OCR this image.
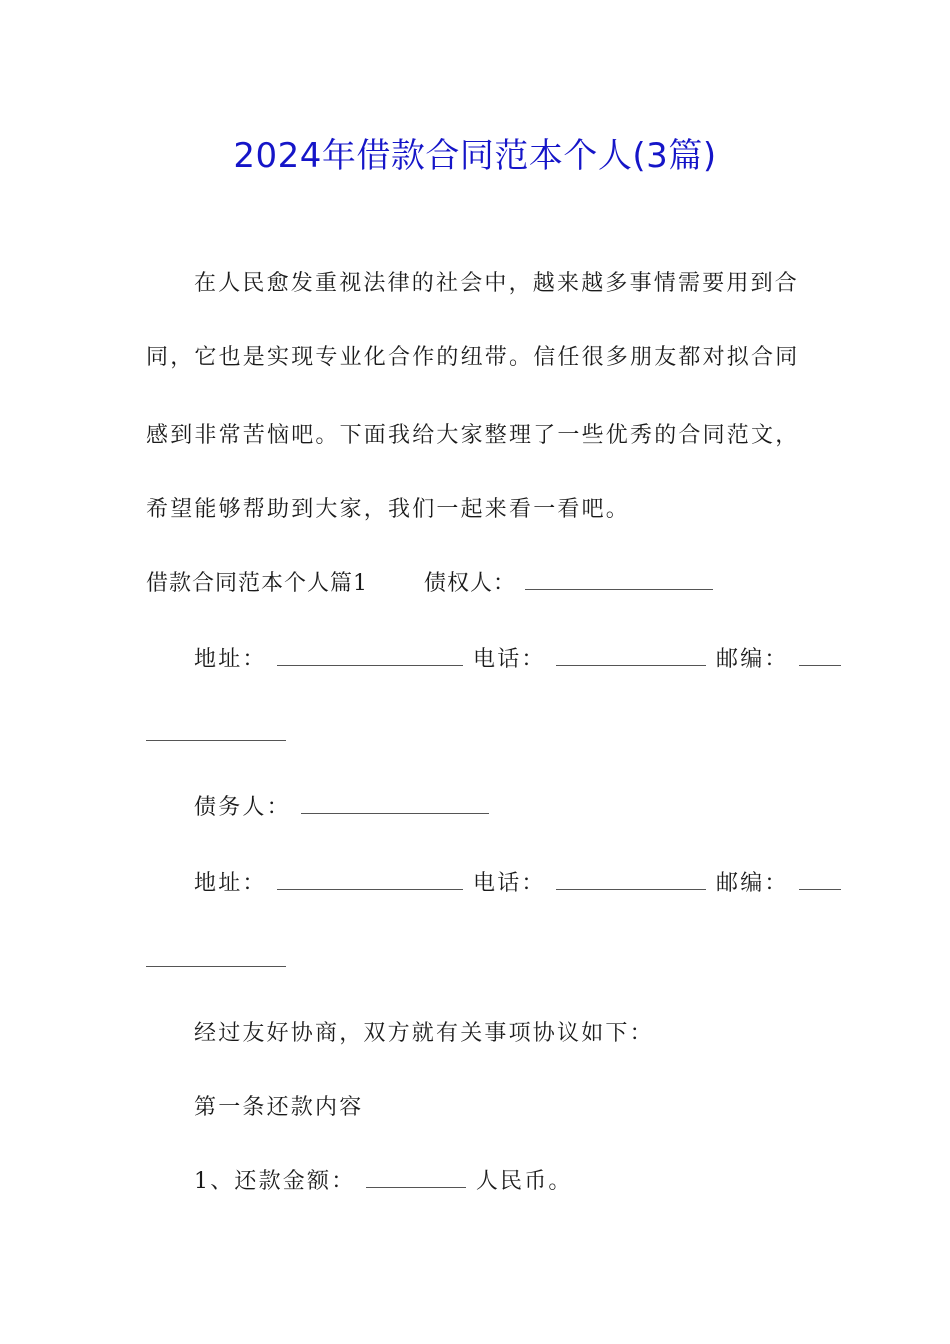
2024年借款合同范本个人(3篇)
在人民愈发重视法律的社会中，越来越多事情需要用到合
同，它也是实现专业化合作的纽带。信任很多朋友都对拟合同
感到非常苦恼吧。下面我给大家整理了一些优秀的合同范文，
希望能够帮助到大家，我们一起来看一看吧。
借款合同范本个人篇1	债权人：
地址：	电话：	邮编：
债务人：
地址：	电话：	邮编：
经过友好协商，双方就有关事项协议如下：
第一条还款内容
1、还款金额：	人民币。
